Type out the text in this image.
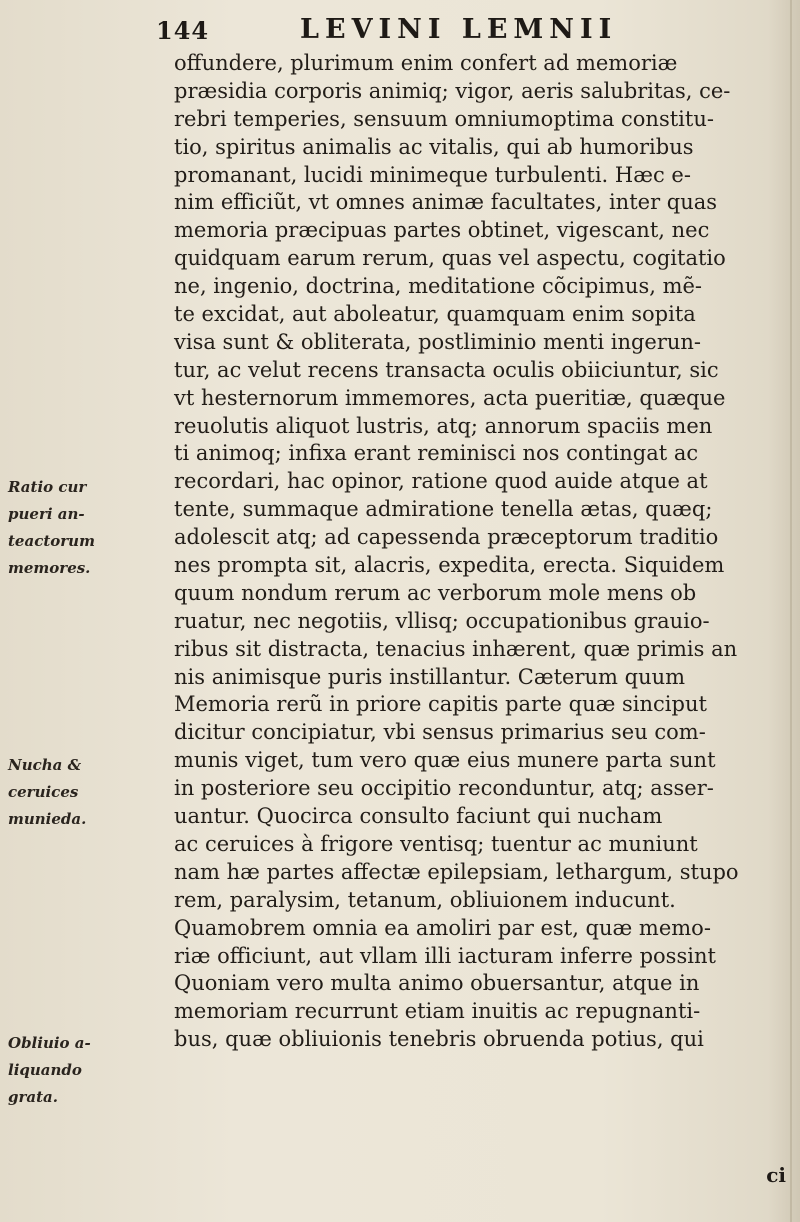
144	LEVINI LEMNII
offundere, plurimum enim confert ad memoriæ
præsidia corporis animiq; vigor, aeris salubritas, ce-
rebri temperies, sensuum omniumoptima constitu-
tio, spiritus animalis ac vitalis, qui ab humoribus
promanant, lucidi minimeque turbulenti. Hæc e-
nim efficiũt, vt omnes animæ facultates, inter quas
memoria præcipuas partes obtinet, vigescant, nec
quidquam earum rerum, quas vel aspectu, cogitatio
ne, ingenio, doctrina, meditatione cõcipimus, mẽ-
te excidat, aut aboleatur, quamquam enim sopita
visa sunt & obliterata, postliminio menti ingerun-
tur, ac velut recens transacta oculis obiiciuntur, sic
vt hesternorum immemores, acta pueritiæ, quæque
reuolutis aliquot lustris, atq; annorum spaciis men
ti animoq; infixa erant reminisci nos contingat ac
recordari, hac opinor, ratione quod auide atque at
tente, summaque admiratione tenella ætas, quæq;
adolescit atq; ad capessenda præceptorum traditio
nes prompta sit, alacris, expedita, erecta. Siquidem
quum nondum rerum ac verborum mole mens ob
ruatur, nec negotiis, vllisq; occupationibus grauio-
ribus sit distracta, tenacius inhærent, quæ primis an
nis animisque puris instillantur. Cæterum quum
Memoria rerũ in priore capitis parte quæ sinciput
dicitur concipiatur, vbi sensus primarius seu com-
munis viget, tum vero quæ eius munere parta sunt
in posteriore seu occipitio reconduntur, atq; asser-
uantur. Quocirca consulto faciunt qui nucham
ac ceruices à frigore ventisq; tuentur ac muniunt
nam hæ partes affectæ epilepsiam, lethargum, stupo
rem, paralysim, tetanum, obliuionem inducunt.
Quamobrem omnia ea amoliri par est, quæ memo-
riæ officiunt, aut vllam illi iacturam inferre possint
Quoniam vero multa animo obuersantur, atque in
memoriam recurrunt etiam inuitis ac repugnanti-
bus, quæ obliuionis tenebris obruenda potius, qui
Ratio cur
pueri an-
teactorum
memores.
Nucha &
ceruices
munieda.
Obliuio a-
liquando
grata.
ci
